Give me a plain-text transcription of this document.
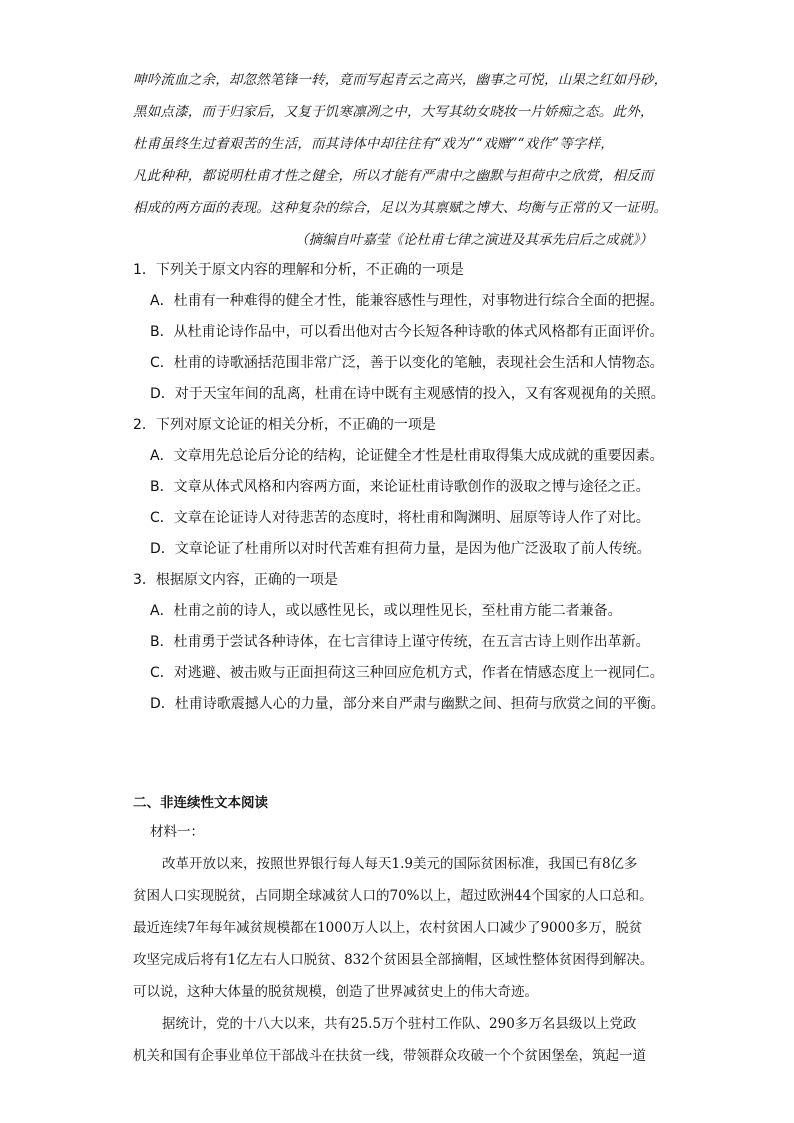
呻吟流血之余，却忽然笔锋一转，竟而写起青云之高兴，幽事之可悦，山果之红如丹砂，
黑如点漆，而于归家后，又复于饥寒凛冽之中，大写其幼女晓妆一片娇痴之态。此外，
杜甫虽终生过着艰苦的生活，而其诗体中却往往有“戏为”“戏赠”“戏作”等字样，
凡此种种，都说明杜甫才性之健全，所以才能有严肃中之幽默与担荷中之欣赏，相反而
相成的两方面的表现。这种复杂的综合，足以为其禀赋之博大、均衡与正常的又一证明。
（摘编自叶嘉莹《论杜甫七律之演进及其承先启后之成就》）
1．下列关于原文内容的理解和分析，不正确的一项是
A．杜甫有一种难得的健全才性，能兼容感性与理性，对事物进行综合全面的把握。
B．从杜甫论诗作品中，可以看出他对古今长短各种诗歌的体式风格都有正面评价。
C．杜甫的诗歌涵括范围非常广泛，善于以变化的笔触，表现社会生活和人情物态。
D．对于天宝年间的乱离，杜甫在诗中既有主观感情的投入，又有客观视角的关照。
2．下列对原文论证的相关分析，不正确的一项是
A．文章用先总论后分论的结构，论证健全才性是杜甫取得集大成成就的重要因素。
B．文章从体式风格和内容两方面，来论证杜甫诗歌创作的汲取之博与途径之正。
C．文章在论证诗人对待悲苦的态度时，将杜甫和陶渊明、屈原等诗人作了对比。
D．文章论证了杜甫所以对时代苦难有担荷力量，是因为他广泛汲取了前人传统。
3．根据原文内容，正确的一项是
A．杜甫之前的诗人，或以感性见长，或以理性见长，至杜甫方能二者兼备。
B．杜甫勇于尝试各种诗体，在七言律诗上谨守传统，在五言古诗上则作出革新。
C．对逃避、被击败与正面担荷这三种回应危机方式，作者在情感态度上一视同仁。
D．杜甫诗歌震撼人心的力量，部分来自严肃与幽默之间、担荷与欣赏之间的平衡。
二、非连续性文本阅读
材料一：
改革开放以来，按照世界银行每人每天1.9美元的国际贫困标准，我国已有8亿多
贫困人口实现脱贫，占同期全球减贫人口的70%以上，超过欧洲44个国家的人口总和。
最近连续7年每年减贫规模都在1000万人以上，农村贫困人口减少了9000多万，脱贫
攻坚完成后将有1亿左右人口脱贫、832个贫困县全部摘帽，区域性整体贫困得到解决。
可以说，这种大体量的脱贫规模，创造了世界减贫史上的伟大奇迹。
据统计，党的十八大以来，共有25.5万个驻村工作队、290多万名县级以上党政
机关和国有企事业单位干部战斗在扶贫一线，带领群众攻破一个个贫困堡垒，筑起一道
